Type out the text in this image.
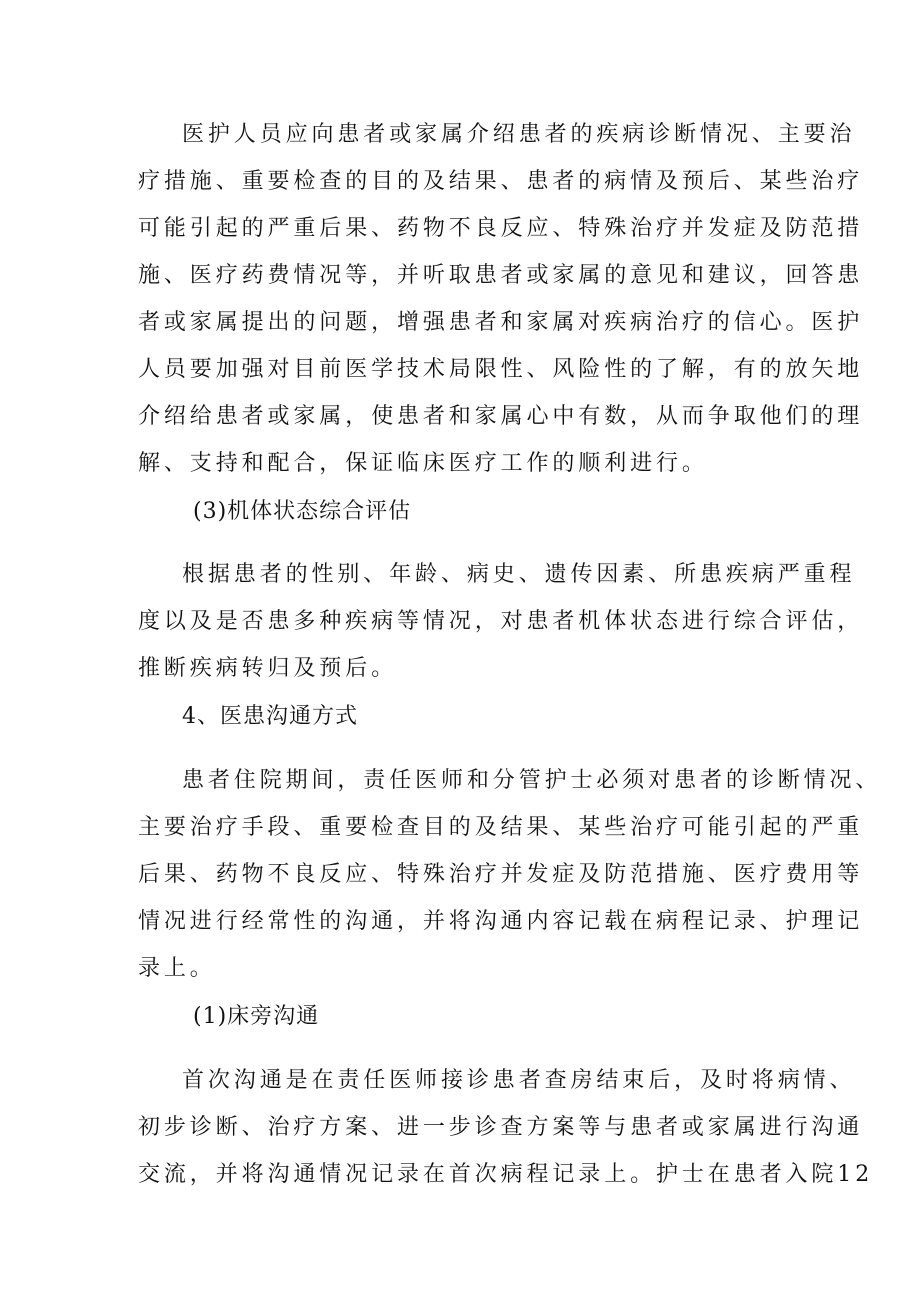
医护人员应向患者或家属介绍患者的疾病诊断情况、主要治
疗措施、重要检查的目的及结果、患者的病情及预后、某些治疗
可能引起的严重后果、药物不良反应、特殊治疗并发症及防范措
施、医疗药费情况等，并听取患者或家属的意见和建议，回答患
者或家属提出的问题，增强患者和家属对疾病治疗的信心。医护
人员要加强对目前医学技术局限性、风险性的了解，有的放矢地
介绍给患者或家属，使患者和家属心中有数，从而争取他们的理
解、支持和配合，保证临床医疗工作的顺利进行。
(3)机体状态综合评估
根据患者的性别、年龄、病史、遗传因素、所患疾病严重程
度以及是否患多种疾病等情况，对患者机体状态进行综合评估，
推断疾病转归及预后。
4、医患沟通方式
患者住院期间，责任医师和分管护士必须对患者的诊断情况、
主要治疗手段、重要检查目的及结果、某些治疗可能引起的严重
后果、药物不良反应、特殊治疗并发症及防范措施、医疗费用等
情况进行经常性的沟通，并将沟通内容记载在病程记录、护理记
录上。
(1)床旁沟通
首次沟通是在责任医师接诊患者查房结束后，及时将病情、
初步诊断、治疗方案、进一步诊查方案等与患者或家属进行沟通
交流，并将沟通情况记录在首次病程记录上。护士在患者入院12
